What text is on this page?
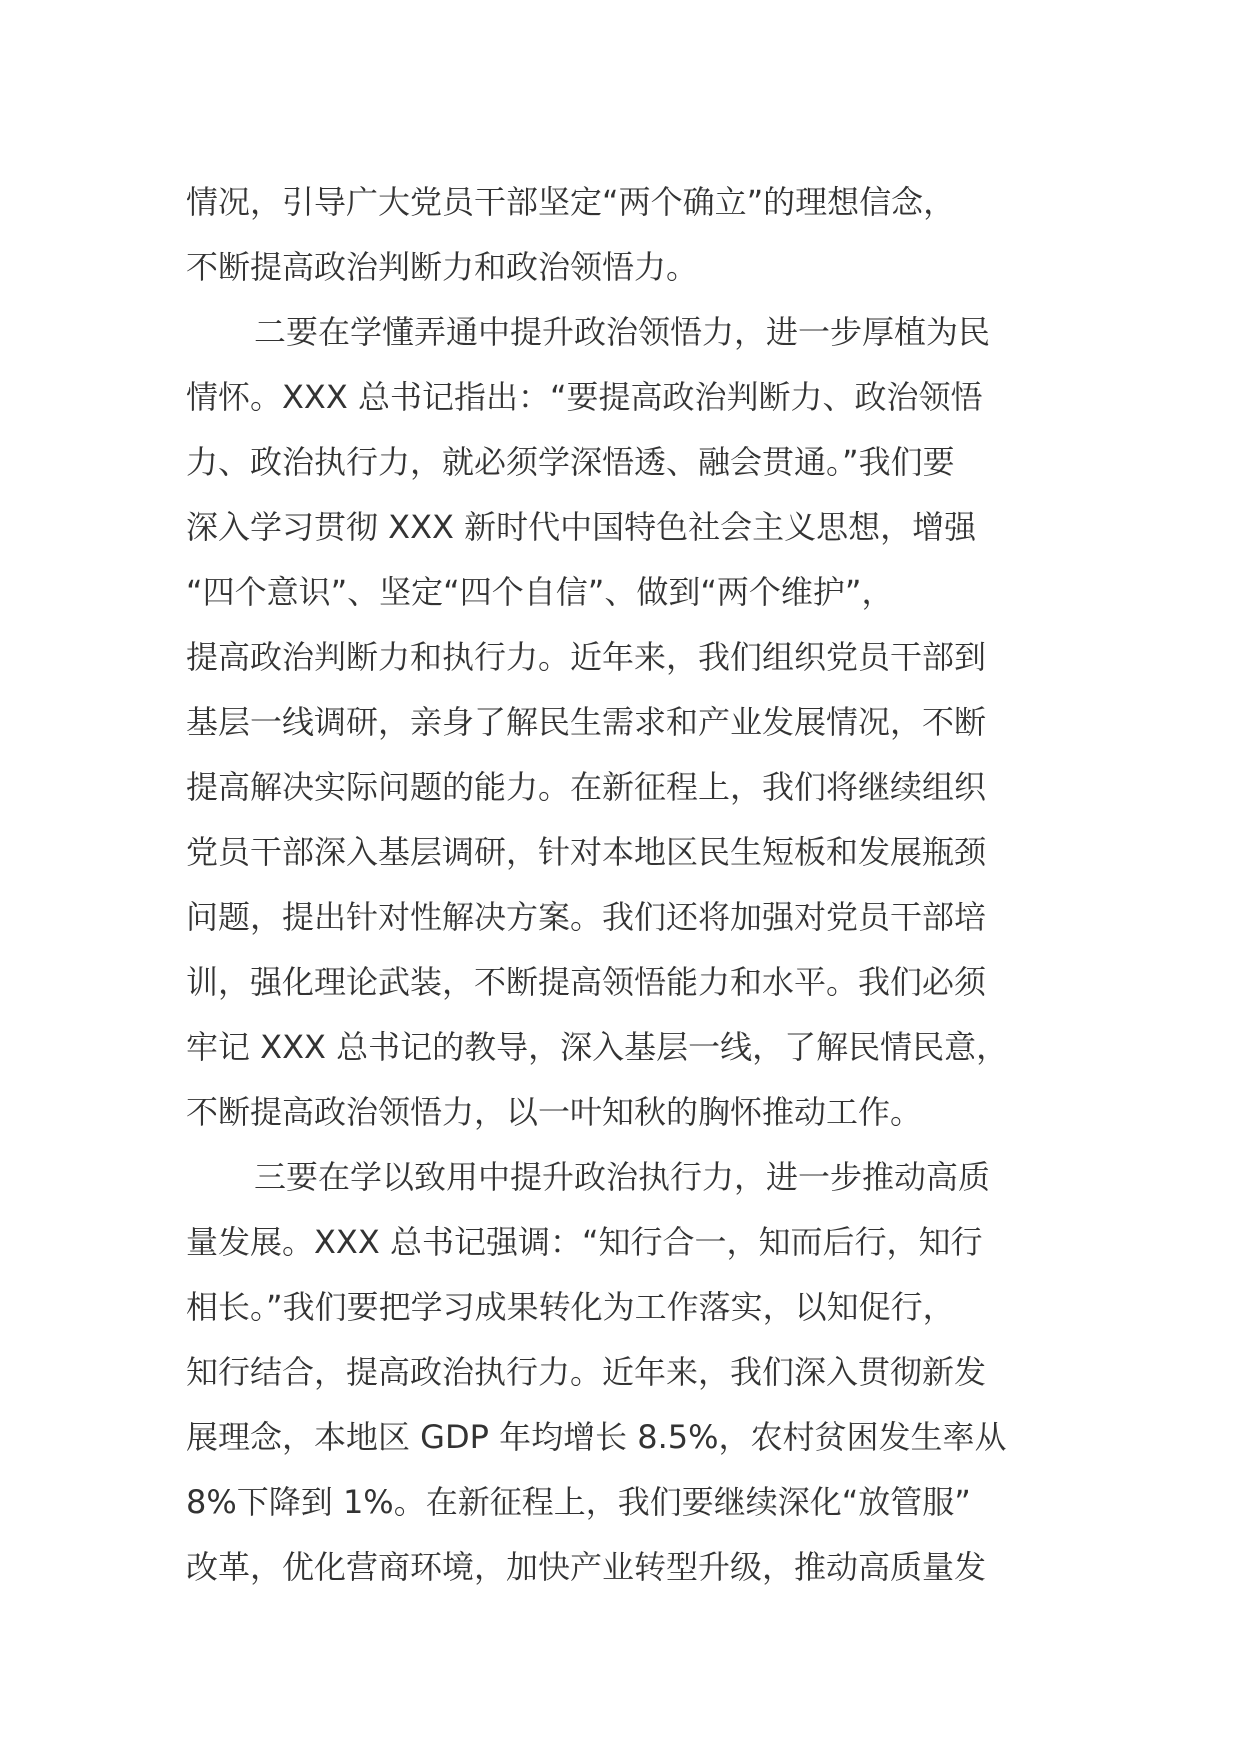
情况，引导广大党员干部坚定“两个确立”的理想信念，
不断提高政治判断力和政治领悟力。
二要在学懂弄通中提升政治领悟力，进一步厚植为民
情怀。XXX 总书记指出：“要提高政治判断力、政治领悟
力、政治执行力，就必须学深悟透、融会贯通。”我们要
深入学习贯彻 XXX 新时代中国特色社会主义思想，增强
“四个意识”、坚定“四个自信”、做到“两个维护”，
提高政治判断力和执行力。近年来，我们组织党员干部到
基层一线调研，亲身了解民生需求和产业发展情况，不断
提高解决实际问题的能力。在新征程上，我们将继续组织
党员干部深入基层调研，针对本地区民生短板和发展瓶颈
问题，提出针对性解决方案。我们还将加强对党员干部培
训，强化理论武装，不断提高领悟能力和水平。我们必须
牢记 XXX 总书记的教导，深入基层一线，了解民情民意，
不断提高政治领悟力，以一叶知秋的胸怀推动工作。
三要在学以致用中提升政治执行力，进一步推动高质
量发展。XXX 总书记强调：“知行合一，知而后行，知行
相长。”我们要把学习成果转化为工作落实，以知促行，
知行结合，提高政治执行力。近年来，我们深入贯彻新发
展理念，本地区 GDP 年均增长 8.5%，农村贫困发生率从
8%下降到 1%。在新征程上，我们要继续深化“放管服”
改革，优化营商环境，加快产业转型升级，推动高质量发
